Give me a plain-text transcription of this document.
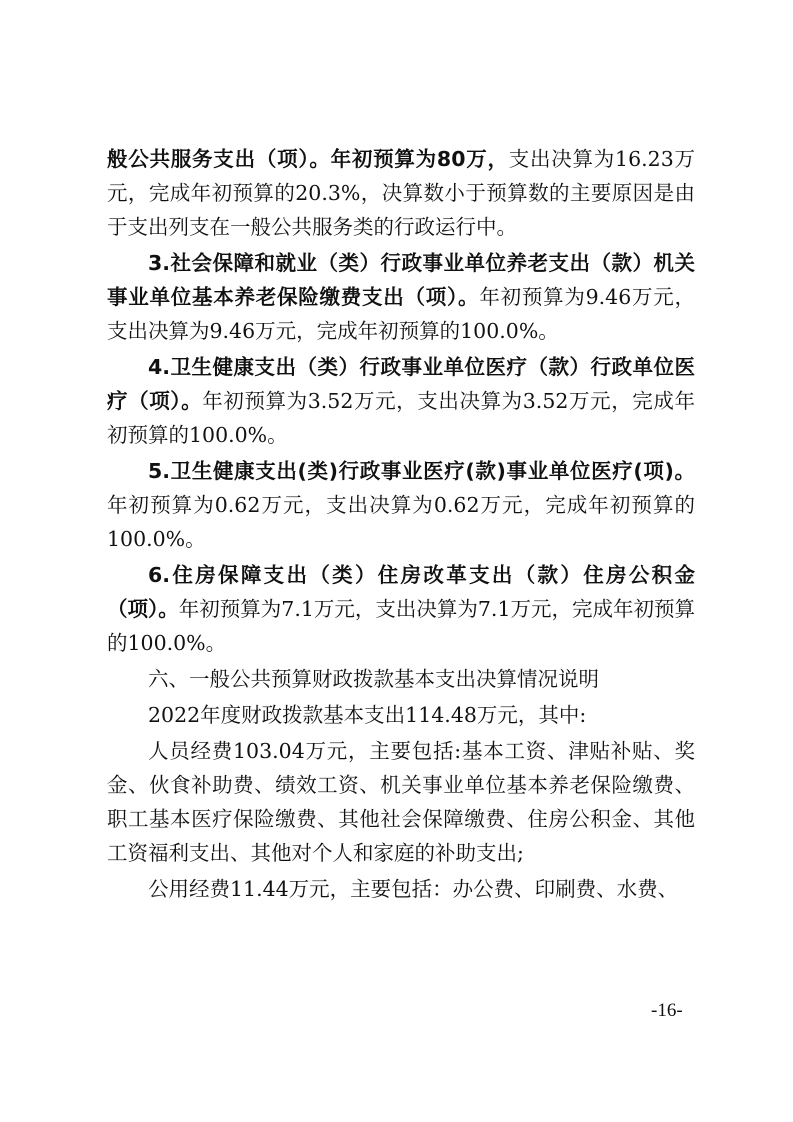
般公共服务支出（项）。年初预算为80万，支出决算为16.23万元，完成年初预算的20.3%，决算数小于预算数的主要原因是由于支出列支在一般公共服务类的行政运行中。

3.社会保障和就业（类）行政事业单位养老支出（款）机关事业单位基本养老保险缴费支出（项）。年初预算为9.46万元，支出决算为9.46万元，完成年初预算的100.0%。

4.卫生健康支出（类）行政事业单位医疗（款）行政单位医疗（项）。年初预算为3.52万元，支出决算为3.52万元，完成年初预算的100.0%。

5.卫生健康支出(类)行政事业医疗(款)事业单位医疗(项)。年初预算为0.62万元，支出决算为0.62万元，完成年初预算的100.0%。

6.住房保障支出（类）住房改革支出（款）住房公积金（项）。年初预算为7.1万元，支出决算为7.1万元，完成年初预算的100.0%。

六、一般公共预算财政拨款基本支出决算情况说明

2022年度财政拨款基本支出114.48万元，其中:

人员经费103.04万元，主要包括:基本工资、津贴补贴、奖金、伙食补助费、绩效工资、机关事业单位基本养老保险缴费、职工基本医疗保险缴费、其他社会保障缴费、住房公积金、其他工资福利支出、其他对个人和家庭的补助支出;

公用经费11.44万元，主要包括：办公费、印刷费、水费、

-16-
